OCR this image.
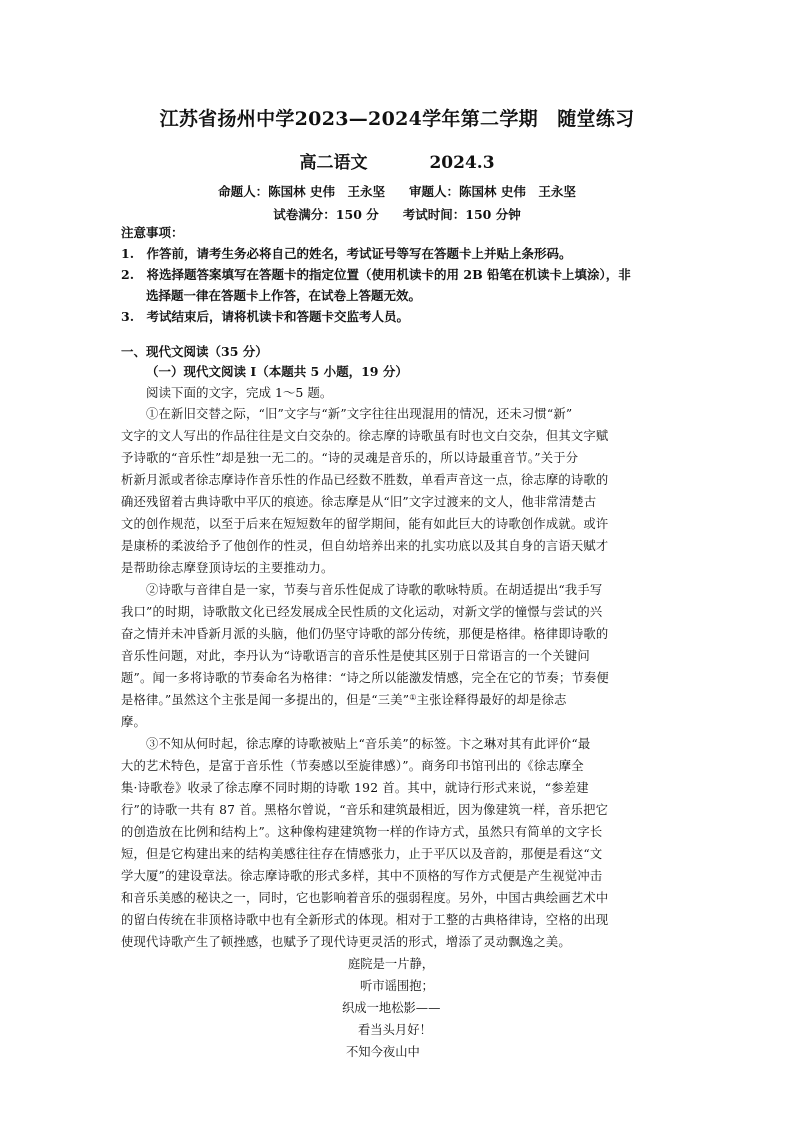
江苏省扬州中学2023—2024学年第二学期　随堂练习
高二语文	2024.3
命题人：陈国林 史伟　王永坚 审题人：陈国林 史伟　王永坚
试卷满分：150 分 考试时间：150 分钟
注意事项：
1.　作答前，请考生务必将自己的姓名，考试证号等写在答题卡上并贴上条形码。
2.　将选择题答案填写在答题卡的指定位置（使用机读卡的用 2B 铅笔在机读卡上填涂），非
选择题一律在答题卡上作答，在试卷上答题无效。
3.　考试结束后，请将机读卡和答题卡交监考人员。
一、现代文阅读（35 分）
（一）现代文阅读 I（本题共 5 小题，19 分）
阅读下面的文字，完成 1～5 题。
①在新旧交替之际，“旧”文字与“新”文字往往出现混用的情况，还未习惯“新”
文字的文人写出的作品往往是文白交杂的。徐志摩的诗歌虽有时也文白交杂，但其文字赋
予诗歌的“音乐性”却是独一无二的。“诗的灵魂是音乐的，所以诗最重音节。”关于分
析新月派或者徐志摩诗作音乐性的作品已经数不胜数，单看声音这一点，徐志摩的诗歌的
确还残留着古典诗歌中平仄的痕迹。徐志摩是从“旧”文字过渡来的文人，他非常清楚古
文的创作规范，以至于后来在短短数年的留学期间，能有如此巨大的诗歌创作成就。或许
是康桥的柔波给予了他创作的性灵，但自幼培养出来的扎实功底以及其自身的言语天赋才
是帮助徐志摩登顶诗坛的主要推动力。
②诗歌与音律自是一家，节奏与音乐性促成了诗歌的歌咏特质。在胡适提出“我手写
我口”的时期，诗歌散文化已经发展成全民性质的文化运动，对新文学的憧憬与尝试的兴
奋之情并未冲昏新月派的头脑，他们仍坚守诗歌的部分传统，那便是格律。格律即诗歌的
音乐性问题，对此，李丹认为“诗歌语言的音乐性是使其区别于日常语言的一个关键问
题”。闻一多将诗歌的节奏命名为格律：“诗之所以能激发情感，完全在它的节奏；节奏便
是格律。”虽然这个主张是闻一多提出的，但是“三美”①主张诠释得最好的却是徐志
摩。
③不知从何时起，徐志摩的诗歌被贴上“音乐美”的标签。卞之琳对其有此评价“最
大的艺术特色，是富于音乐性（节奏感以至旋律感）”。商务印书馆刊出的《徐志摩全
集·诗歌卷》收录了徐志摩不同时期的诗歌 192 首。其中，就诗行形式来说，“参差建
行”的诗歌一共有 87 首。黑格尔曾说，“音乐和建筑最相近，因为像建筑一样，音乐把它
的创造放在比例和结构上”。这种像构建建筑物一样的作诗方式，虽然只有简单的文字长
短，但是它构建出来的结构美感往往存在情感张力，止于平仄以及音韵，那便是看这“文
学大厦”的建设章法。徐志摩诗歌的形式多样，其中不顶格的写作方式便是产生视觉冲击
和音乐美感的秘诀之一，同时，它也影响着音乐的强弱程度。另外，中国古典绘画艺术中
的留白传统在非顶格诗歌中也有全新形式的体现。相对于工整的古典格律诗，空格的出现
使现代诗歌产生了顿挫感，也赋予了现代诗更灵活的形式，增添了灵动飘逸之美。
庭院是一片静，
听市谣围抱；
织成一地松影——
看当头月好！
不知今夜山中
